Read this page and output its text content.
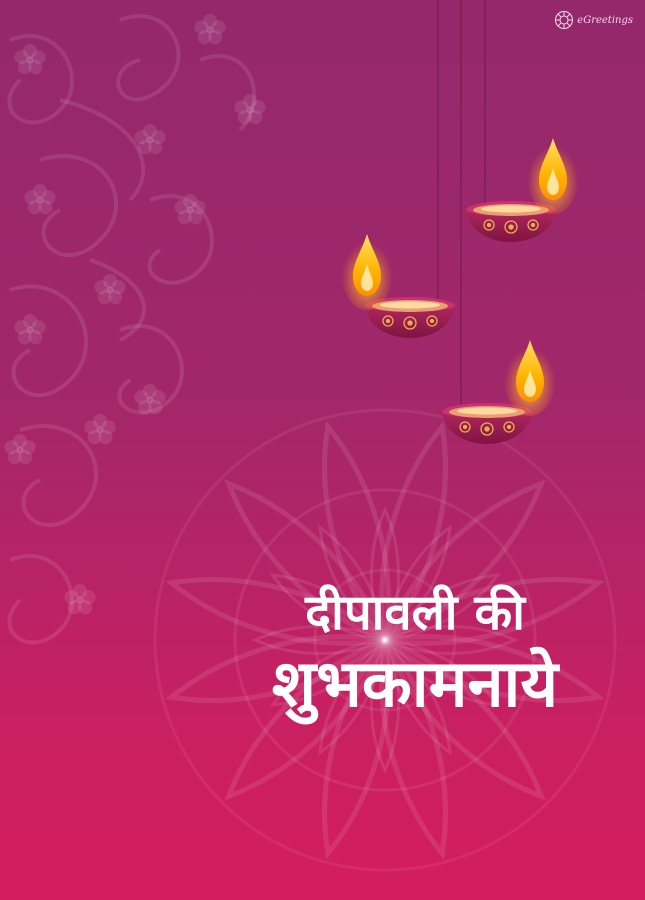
eGreetings
दीपावली की
शुभकामनाये
